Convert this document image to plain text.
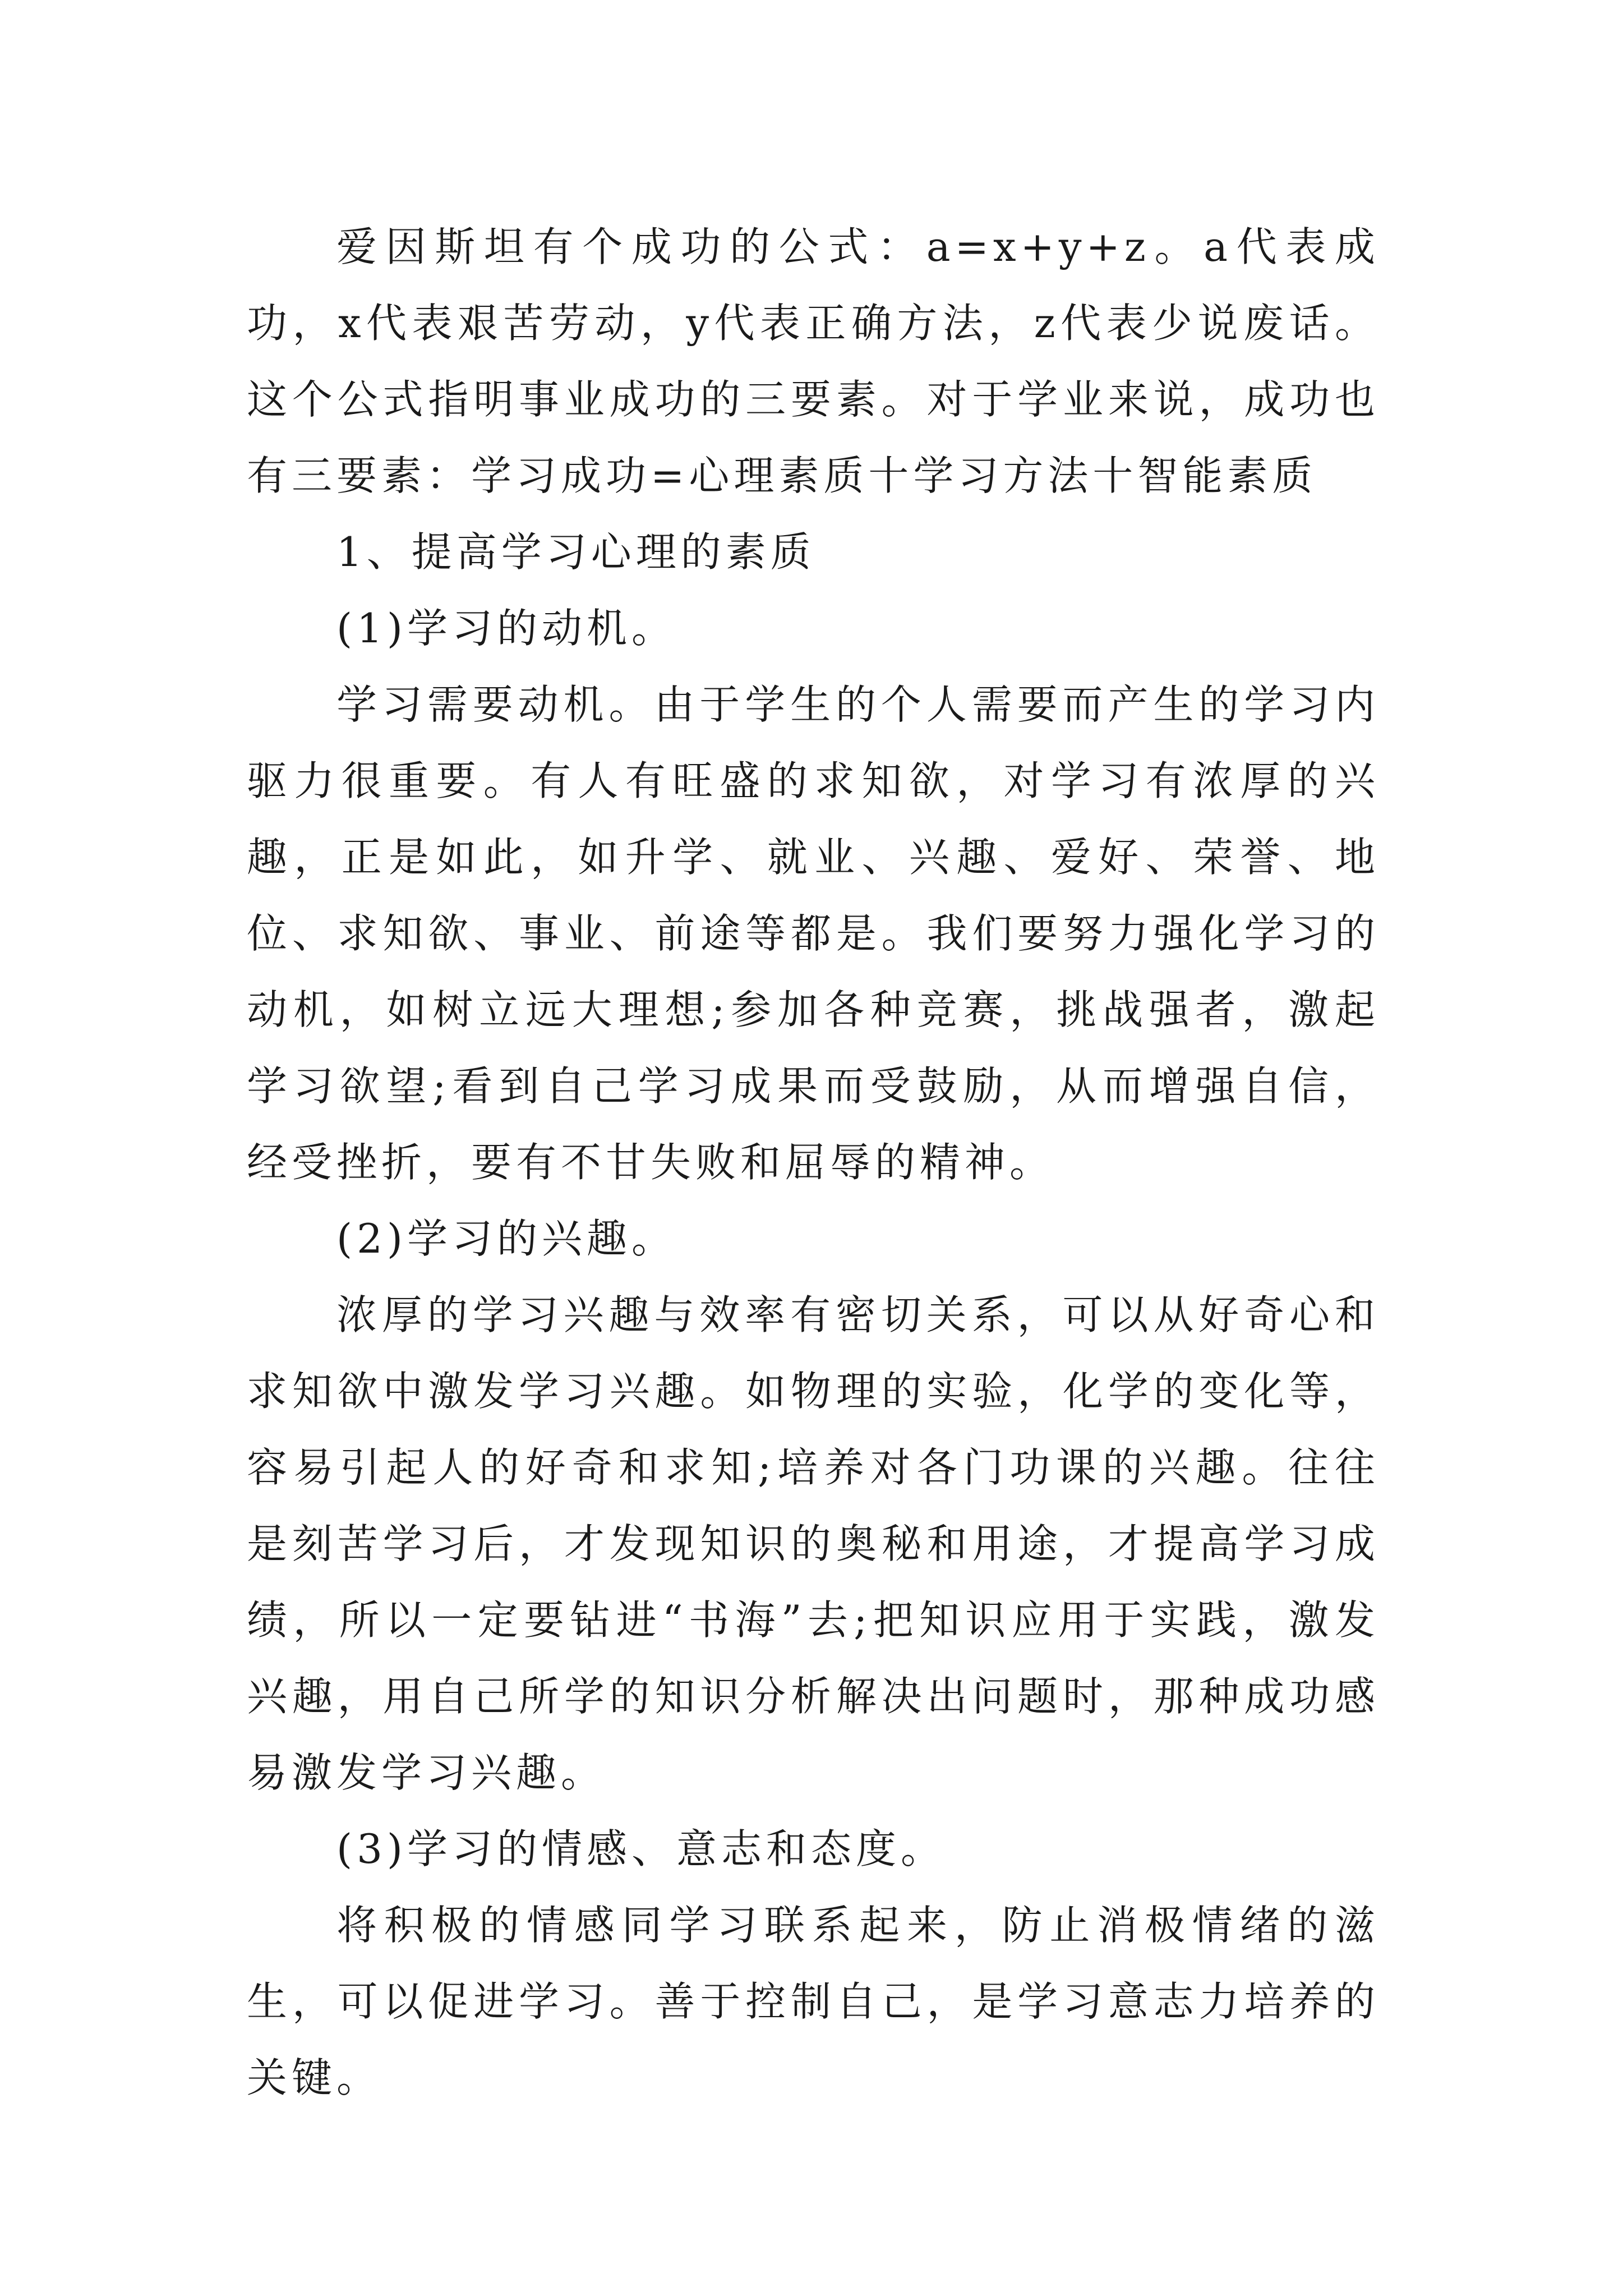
爱因斯坦有个成功的公式：a=x+y+z。a代表成功，x代表艰苦劳动，y代表正确方法，z代表少说废话。这个公式指明事业成功的三要素。对于学业来说，成功也有三要素：学习成功=心理素质十学习方法十智能素质

1、提高学习心理的素质

(1)学习的动机。

学习需要动机。由于学生的个人需要而产生的学习内驱力很重要。有人有旺盛的求知欲，对学习有浓厚的兴趣，正是如此，如升学、就业、兴趣、爱好、荣誉、地位、求知欲、事业、前途等都是。我们要努力强化学习的动机，如树立远大理想;参加各种竞赛，挑战强者，激起学习欲望;看到自己学习成果而受鼓励，从而增强自信，经受挫折，要有不甘失败和屈辱的精神。

(2)学习的兴趣。

浓厚的学习兴趣与效率有密切关系，可以从好奇心和求知欲中激发学习兴趣。如物理的实验，化学的变化等，容易引起人的好奇和求知;培养对各门功课的兴趣。往往是刻苦学习后，才发现知识的奥秘和用途，才提高学习成绩，所以一定要钻进“书海”去;把知识应用于实践，激发兴趣，用自己所学的知识分析解决出问题时，那种成功感易激发学习兴趣。

(3)学习的情感、意志和态度。

将积极的情感同学习联系起来，防止消极情绪的滋生，可以促进学习。善于控制自己，是学习意志力培养的关键。
